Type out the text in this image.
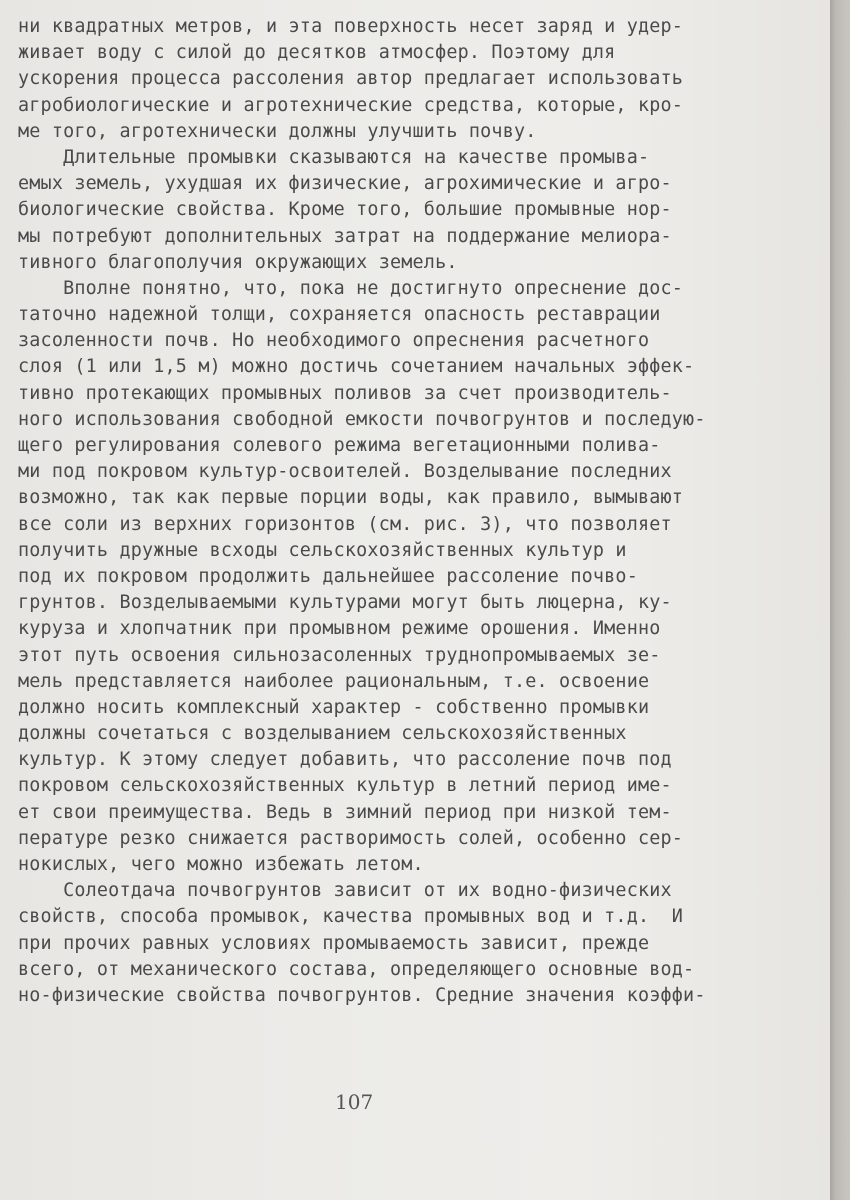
ни квадратных метров, и эта поверхность несет заряд и удер-
живает воду с силой до десятков атмосфер. Поэтому для
ускорения процесса рассоления автор предлагает использовать
агробиологические и агротехнические средства, которые, кро-
ме того, агротехнически должны улучшить почву.
Длительные промывки сказываются на качестве промыва-
емых земель, ухудшая их физические, агрохимические и агро-
биологические свойства. Кроме того, большие промывные нор-
мы потребуют дополнительных затрат на поддержание мелиора-
тивного благополучия окружающих земель.
Вполне понятно, что, пока не достигнуто опреснение дос-
таточно надежной толщи, сохраняется опасность реставрации
засоленности почв. Но необходимого опреснения расчетного
слоя (1 или 1,5 м) можно достичь сочетанием начальных эффек-
тивно протекающих промывных поливов за счет производитель-
ного использования свободной емкости почвогрунтов и последую-
щего регулирования солевого режима вегетационными полива-
ми под покровом культур-освоителей. Возделывание последних
возможно, так как первые порции воды, как правило, вымывают
все соли из верхних горизонтов (см. рис. 3), что позволяет
получить дружные всходы сельскохозяйственных культур и
под их покровом продолжить дальнейшее рассоление почво-
грунтов. Возделываемыми культурами могут быть люцерна, ку-
куруза и хлопчатник при промывном режиме орошения. Именно
этот путь освоения сильнозасоленных труднопромываемых зе-
мель представляется наиболее рациональным, т.е. освоение
должно носить комплексный характер - собственно промывки
должны сочетаться с возделыванием сельскохозяйственных
культур. К этому следует добавить, что рассоление почв под
покровом сельскохозяйственных культур в летний период име-
ет свои преимущества. Ведь в зимний период при низкой тем-
пературе резко снижается растворимость солей, особенно сер-
нокислых, чего можно избежать летом.
Солеотдача почвогрунтов зависит от их водно-физических
свойств, способа промывок, качества промывных вод и т.д.  И
при прочих равных условиях промываемость зависит, прежде
всего, от механического состава, определяющего основные вод-
но-физические свойства почвогрунтов. Средние значения коэффи-
107
